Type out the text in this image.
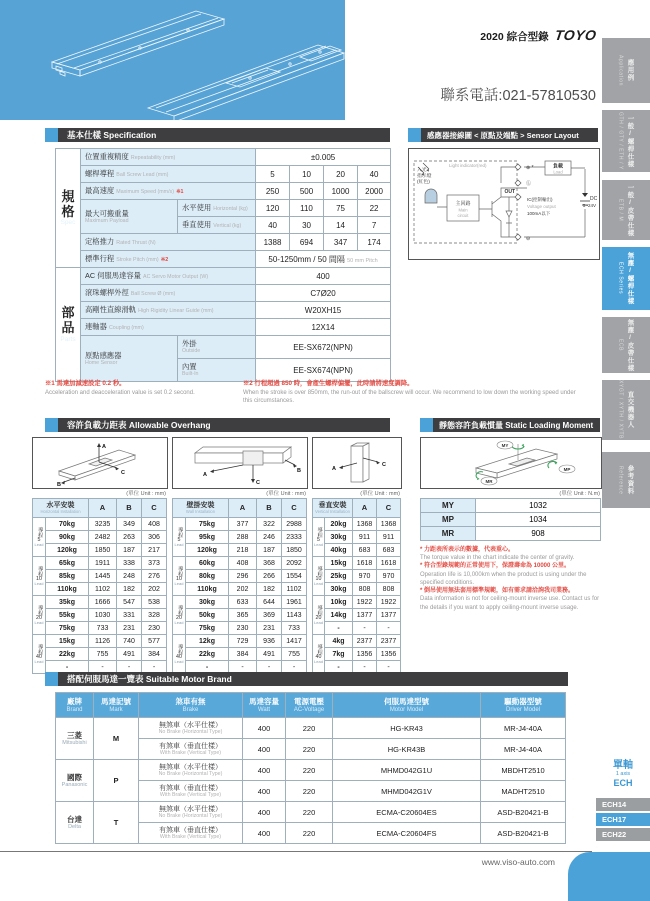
2020 綜合型錄 TOYO
聯系電話:021-57810530
Application 應用例
GTH / GTY / ETH / Y 一般/螺桿仕樣
ETB / M 一般/皮帶仕樣
ECH Series 無塵/螺桿仕樣
ECB 無塵/皮帶仕樣
XYGT / XYTH / XYTB 直交機器人
Reference 參考資料
基本仕樣 Specification
規格
Spec	位置重複精度 Repeatability (mm)		±0.005			
	螺桿導程 Ball Screw Lead (mm)		5	10	20	40
	最高速度 Maximum Speed (mm/s) ※1		250	500	1000	2000

	最大可搬重量
Maximum Payload	水平使用 Horizontal (kg)	120	110	75	22
		垂直使用 Vertical (kg)	40	30	14	7
	定格推力 Rated Thrust (N)		1388	694	347	174
	標準行程 Stroke Pitch (mm) ※2		50-1250mm / 50 間隔 50 mm Pitch			

部品
Parts	AC 伺服馬達容量 AC Servo Motor Output (W)		400			
	滾珠螺桿外徑 Ball Screw Ø (mm)		C7Ø20			
	高剛性直線滑軌 High Rigidity Linear Guide (mm)		W20XH15			
	連軸器 Coupling (mm)		12X14			

	原點感應器
Home Sensor	外掛
Outside	EE-SX672(NPN)			

		內置
Built-In	EE-SX674(NPN)			
※1 馬達加減速設定 0.2 秒。
Acceleration and deacceleration value is set 0.2 second.
※2 行程超過 850 時，會產生螺桿偏擺，此時請將速度調降。
When the stroke is over 850mm, the run-out of the ballscrew will occur. We recommend to low down the working speed under this circumstances.
感應器接線圖 < 原點及端點 > Sensor Layout
入光
指示燈
(紅色)
Light indicator(red)
主回路
Main
circuit
⊕ *
Ⓛ
OUT
⊖
IC(控制輸出)
Voltage output
100mA以下
負載
Load
DC
5~24V
容許負載力距表 Allowable Overhang
A
B
C	A
B
C
A
C
(單位 Unit : mm)	(單位 Unit : mm)	(單位 Unit : mm)
水平安裝
Horizontal Installation		A	B	C

導程
5
Lead	70kg	3235	349	408
	90kg	2482	263	306
	120kg	1850	187	217

導程
10
Lead	65kg	1911	338	373
	85kg	1445	248	276
	110kg	1102	182	202

導程
20
Lead	35kg	1666	547	538
	55kg	1030	331	328
	75kg	733	231	230

導程
40
Lead	15kg	1126	740	577
	22kg	755	491	384
	-	-	-	-
壁掛安裝
Wall Installation		A	B	C

導程
5
Lead	75kg	377	322	2988
	95kg	288	246	2333
	120kg	218	187	1850

導程
10
Lead	60kg	408	368	2092
	80kg	296	266	1554
	110kg	202	182	1102

導程
20
Lead	30kg	633	644	1961
	50kg	365	369	1143
	75kg	230	231	733

導程
40
Lead	12kg	729	936	1417
	22kg	384	491	755
	-	-	-	-
垂直安裝
Vertical Installation		A	C

導程
5
Lead	20kg	1368	1368
	30kg	911	911
	40kg	683	683

導程
10
Lead	15kg	1618	1618
	25kg	970	970
	30kg	808	808

導程
20
Lead	10kg	1922	1922
	14kg	1377	1377
	-	-	-

導程
40
Lead	4kg	2377	2377
	7kg	1356	1356
	-	-	-
靜態容許負載慣量 Static Loading Moment
MY
MP
MR
(單位 Unit : N.m)
MY	1032
MP	1034
MR	908
* 力距表所表示的數據，代表重心。
The torque value in the chart indicate the center of gravity.
* 符合型錄規範的正常使用下，保證壽命為 10000 公里。
Operation life is 10,000km when the product is using under the specified conditions.
* 倒吊使用無法套用標準規範，如有需求請洽詢我司業務。
Data information is not for ceiling-mount inverse use. Contact us for the details if you want to apply ceiling-mount inverse usage.
搭配伺服馬達一覽表 Suitable Motor Brand
廠牌
Brand

馬達記號
Mark

煞車有無
Brake

馬達容量
Watt

電源電壓
AC-Voltage

伺服馬達型號
Motor Model

驅動器型號
Driver Model

三菱
Mitsubishi
	M	
無煞車（水平仕樣）
No Brake (Horizontal Type)	400	220	HG-KR43	MR-J4-40A

		有煞車（垂直仕樣）
With Brake (Vertical Type)	400	220	HG-KR43B	MR-J4-40A

國際
Panasonic
	P	
無煞車（水平仕樣）
No Brake (Horizontal Type)	400	220	MHMD042G1U	MBDHT2510

		有煞車（垂直仕樣）
With Brake (Vertical Type)	400	220	MHMD042G1V	MADHT2510

台達
Delta
	T	
無煞車（水平仕樣）
No Brake (Horizontal Type)	400	220	ECMA-C20604ES	ASD-B20421-B

		有煞車（垂直仕樣）
With Brake (Vertical Type)	400	220	ECMA-C20604FS	ASD-B20421-B
單軸
1 axis
ECH
ECH14
ECH17
ECH22
www.viso-auto.com
